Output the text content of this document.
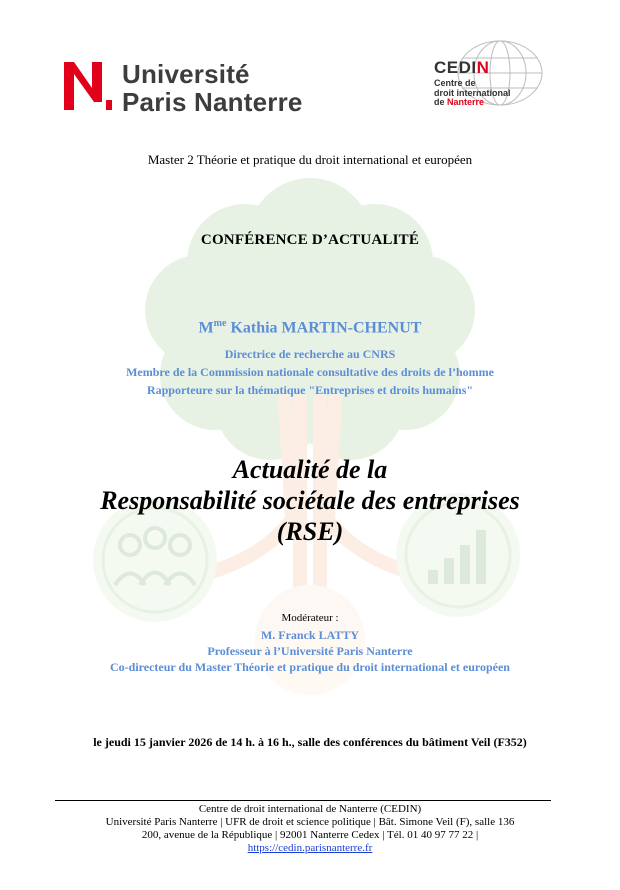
Université
Paris Nanterre
CEDIN
Centre de
droit international
de Nanterre
Master 2 Théorie et pratique du droit international et européen
CONFÉRENCE D’ACTUALITÉ
$M^{me}$ Kathia MARTIN-CHENUT
Directrice de recherche au CNRS
Membre de la Commission nationale consultative des droits de l’homme
Rapporteure sur la thématique "Entreprises et droits humains"
Actualité de la
Responsabilité sociétale des entreprises
(RSE)
Modérateur :
M. Franck LATTY
Professeur à l’Université Paris Nanterre
Co-directeur du Master Théorie et pratique du droit international et européen
le jeudi 15 janvier 2026 de 14 h. à 16 h., salle des conférences du bâtiment Veil (F352)
Centre de droit international de Nanterre (CEDIN)
Université Paris Nanterre | UFR de droit et science politique | Bât. Simone Veil (F), salle 136
200, avenue de la République | 92001 Nanterre Cedex | Tél. 01 40 97 77 22 |
https://cedin.parisnanterre.fr
